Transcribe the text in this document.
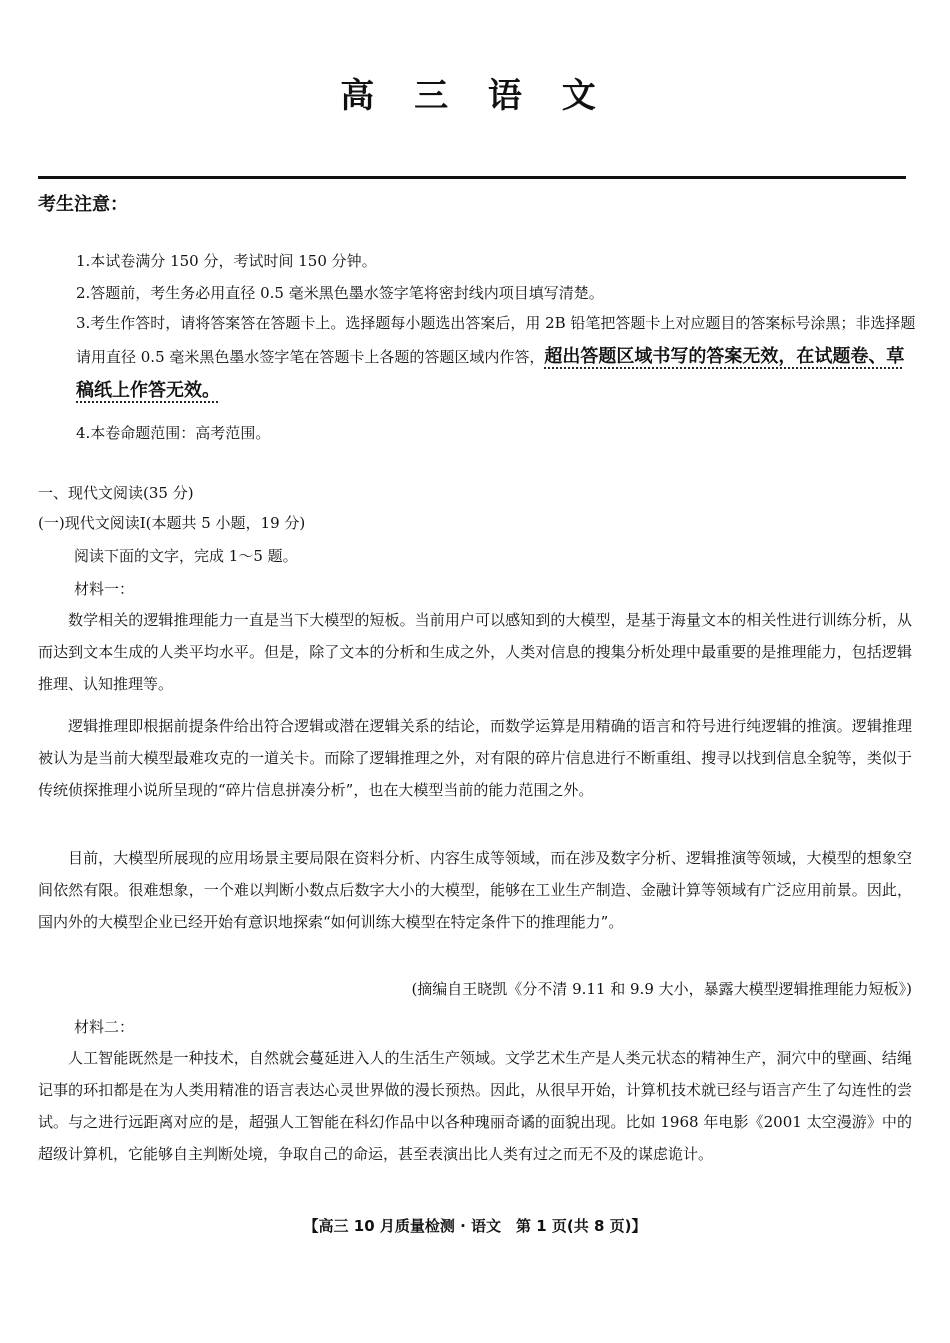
高 三 语 文
考生注意：
1.本试卷满分 150 分，考试时间 150 分钟。
2.答题前，考生务必用直径 0.5 毫米黑色墨水签字笔将密封线内项目填写清楚。
3.考生作答时，请将答案答在答题卡上。选择题每小题选出答案后，用 2B 铅笔把答题卡上对应题目的答案标号涂黑；非选择题请用直径 0.5 毫米黑色墨水签字笔在答题卡上各题的答题区域内作答，超出答题区域书写的答案无效，在试题卷、草稿纸上作答无效。
4.本卷命题范围：高考范围。
一、现代文阅读(35 分)
(一)现代文阅读Ⅰ(本题共 5 小题，19 分)
阅读下面的文字，完成 1～5 题。
材料一：
数学相关的逻辑推理能力一直是当下大模型的短板。当前用户可以感知到的大模型，是基于海量文本的相关性进行训练分析，从而达到文本生成的人类平均水平。但是，除了文本的分析和生成之外，人类对信息的搜集分析处理中最重要的是推理能力，包括逻辑推理、认知推理等。
逻辑推理即根据前提条件给出符合逻辑或潜在逻辑关系的结论，而数学运算是用精确的语言和符号进行纯逻辑的推演。逻辑推理被认为是当前大模型最难攻克的一道关卡。而除了逻辑推理之外，对有限的碎片信息进行不断重组、搜寻以找到信息全貌等，类似于传统侦探推理小说所呈现的“碎片信息拼凑分析”，也在大模型当前的能力范围之外。
目前，大模型所展现的应用场景主要局限在资料分析、内容生成等领域，而在涉及数字分析、逻辑推演等领域，大模型的想象空间依然有限。很难想象，一个难以判断小数点后数字大小的大模型，能够在工业生产制造、金融计算等领域有广泛应用前景。因此，国内外的大模型企业已经开始有意识地探索“如何训练大模型在特定条件下的推理能力”。
(摘编自王晓凯《分不清 9.11 和 9.9 大小，暴露大模型逻辑推理能力短板》)
材料二：
人工智能既然是一种技术，自然就会蔓延进入人的生活生产领域。文学艺术生产是人类元状态的精神生产，洞穴中的壁画、结绳记事的环扣都是在为人类用精准的语言表达心灵世界做的漫长预热。因此，从很早开始，计算机技术就已经与语言产生了勾连性的尝试。与之进行远距离对应的是，超强人工智能在科幻作品中以各种瑰丽奇谲的面貌出现。比如 1968 年电影《2001 太空漫游》中的超级计算机，它能够自主判断处境，争取自己的命运，甚至表演出比人类有过之而无不及的谋虑诡计。
【高三 10 月质量检测 · 语文　第 1 页(共 8 页)】
